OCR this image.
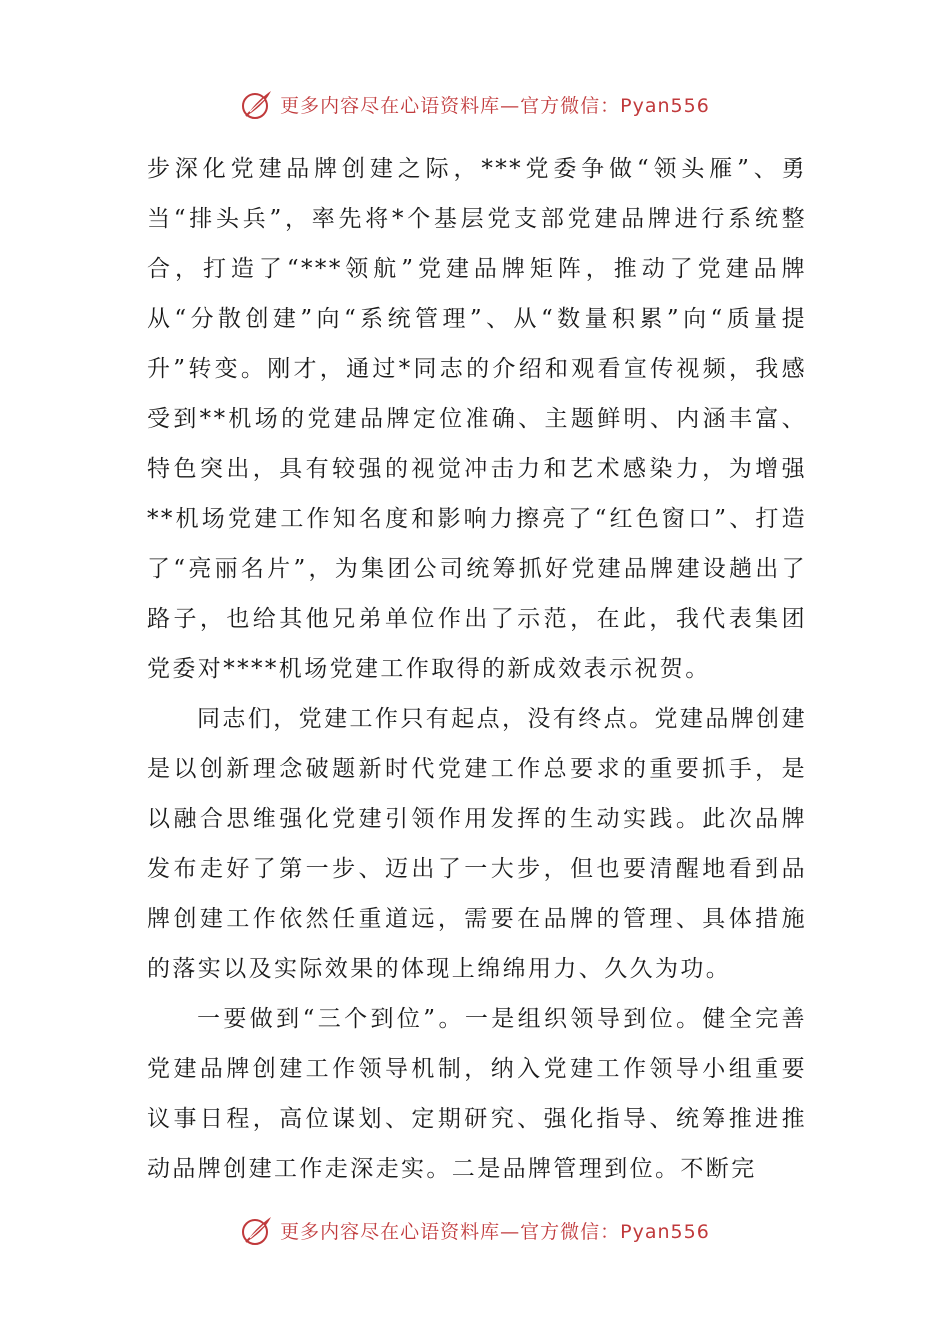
更多内容尽在心语资料库—官方微信：Pyan556

步深化党建品牌创建之际，***党委争做“领头雁”、勇当“排头兵”，率先将*个基层党支部党建品牌进行系统整合，打造了“***领航”党建品牌矩阵，推动了党建品牌从“分散创建”向“系统管理”、从“数量积累”向“质量提升”转变。刚才，通过*同志的介绍和观看宣传视频，我感受到**机场的党建品牌定位准确、主题鲜明、内涵丰富、特色突出，具有较强的视觉冲击力和艺术感染力，为增强**机场党建工作知名度和影响力擦亮了“红色窗口”、打造了“亮丽名片”，为集团公司统筹抓好党建品牌建设趟出了路子，也给其他兄弟单位作出了示范，在此，我代表集团党委对****机场党建工作取得的新成效表示祝贺。

同志们，党建工作只有起点，没有终点。党建品牌创建是以创新理念破题新时代党建工作总要求的重要抓手，是以融合思维强化党建引领作用发挥的生动实践。此次品牌发布走好了第一步、迈出了一大步，但也要清醒地看到品牌创建工作依然任重道远，需要在品牌的管理、具体措施的落实以及实际效果的体现上绵绵用力、久久为功。

一要做到“三个到位”。一是组织领导到位。健全完善党建品牌创建工作领导机制，纳入党建工作领导小组重要议事日程，高位谋划、定期研究、强化指导、统筹推进推动品牌创建工作走深走实。二是品牌管理到位。不断完

更多内容尽在心语资料库—官方微信：Pyan556
